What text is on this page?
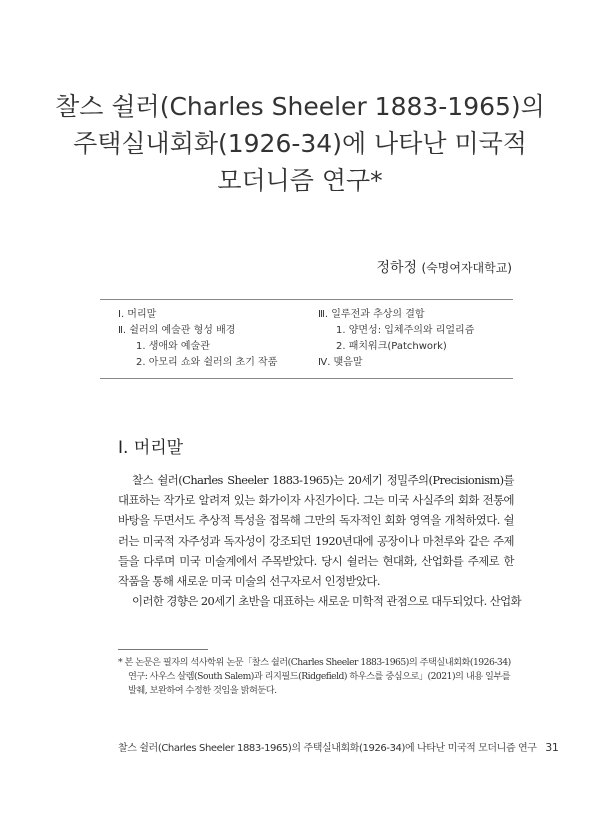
찰스 쉴러(Charles Sheeler 1883-1965)의
주택실내회화(1926-34)에 나타난 미국적
모더니즘 연구*
정하정 (숙명여자대학교)
Ⅰ. 머리말
Ⅱ. 쉴러의 예술관 형성 배경
1. 생애와 예술관
2. 아모리 쇼와 쉴러의 초기 작품
Ⅲ. 일루전과 추상의 결합
1. 양면성: 입체주의와 리얼리즘
2. 패치워크(Patchwork)
Ⅳ. 맺음말
Ⅰ. 머리말
찰스 쉴러(Charles Sheeler 1883-1965)는 20세기 정밀주의(Precisionism)를
대표하는 작가로 알려져 있는 화가이자 사진가이다. 그는 미국 사실주의 회화 전통에
바탕을 두면서도 추상적 특성을 접목해 그만의 독자적인 회화 영역을 개척하였다. 쉴
러는 미국적 자주성과 독자성이 강조되던 1920년대에 공장이나 마천루와 같은 주제
들을 다루며 미국 미술계에서 주목받았다. 당시 쉴러는 현대화, 산업화를 주제로 한
작품을 통해 새로운 미국 미술의 선구자로서 인정받았다.
이러한 경향은 20세기 초반을 대표하는 새로운 미학적 관점으로 대두되었다. 산업화
* 본 논문은 필자의 석사학위 논문「찰스 쉴러(Charles Sheeler 1883-1965)의 주택실내회화(1926-34)
연구: 사우스 살렘(South Salem)과 리지필드(Ridgefield) 하우스를 중심으로」(2021)의 내용 일부를
발췌, 보완하여 수정한 것임을 밝혀둔다.
찰스 쉴러(Charles Sheeler 1883-1965)의 주택실내회화(1926-34)에 나타난 미국적 모더니즘 연구 31
